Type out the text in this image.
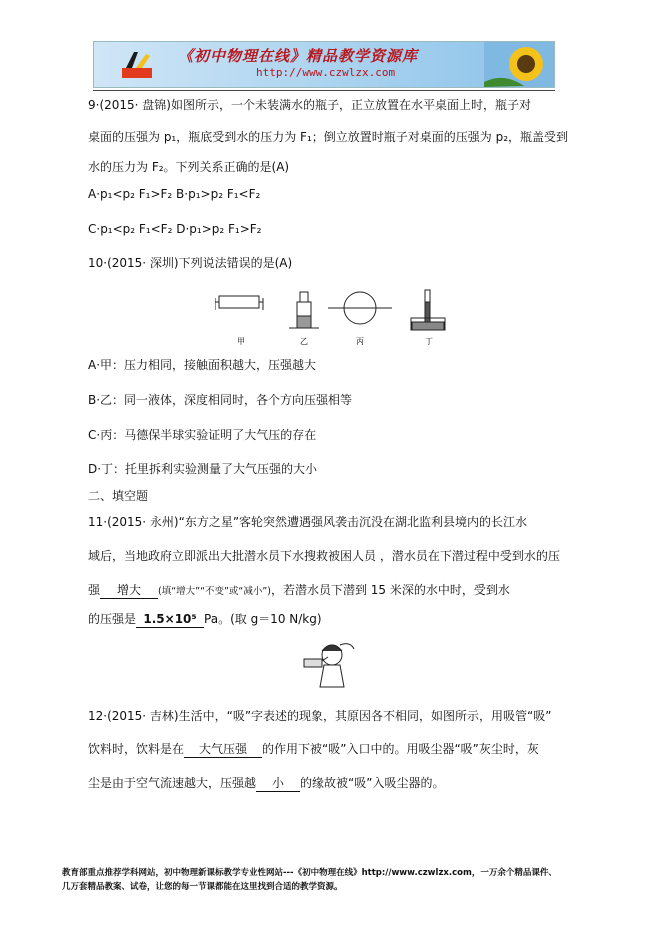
《初中物理在线》精品教学资源库
http://www.czwlzx.com
9·(2015· 盘锦)如图所示，一个未装满水的瓶子，正立放置在水平桌面上时，瓶子对
桌面的压强为 p₁，瓶底受到水的压力为 F₁；倒立放置时瓶子对桌面的压强为 p₂，瓶盖受到
水的压力为 F₂。下列关系正确的是(A)
A·p₁<p₂ F₁>F₂ B·p₁>p₂ F₁<F₂
C·p₁<p₂ F₁<F₂ D·p₁>p₂ F₁>F₂
10·(2015· 深圳)下列说法错误的是(A)
甲	乙	丙	丁
A·甲：压力相同，接触面积越大，压强越大
B·乙：同一液体，深度相同时，各个方向压强相等
C·丙：马德保半球实验证明了大气压的存在
D·丁：托里拆利实验测量了大气压强的大小
二、填空题
11·(2015· 永州)“东方之星”客轮突然遭遇强风袭击沉没在湖北监利县境内的长江水
域后，当地政府立即派出大批潜水员下水搜救被困人员 ，潜水员在下潜过程中受到水的压
强 增大 (填“增大”“不变”或“减小”)，若潜水员下潜到 15 米深的水中时，受到水
的压强是 1.5×10⁵ Pa。(取 g＝10 N/kg)
12·(2015· 吉林)生活中，“吸”字表述的现象，其原因各不相同，如图所示，用吸管“吸”
饮料时，饮料是在 大气压强 的作用下被“吸”入口中的。用吸尘器“吸”灰尘时，灰
尘是由于空气流速越大，压强越 小 的缘故被“吸”入吸尘器的。
教育部重点推荐学科网站，初中物理新课标教学专业性网站---《初中物理在线》http://www.czwlzx.com，一万余个精品课件、
几万套精品教案、试卷，让您的每一节课都能在这里找到合适的教学资源。
